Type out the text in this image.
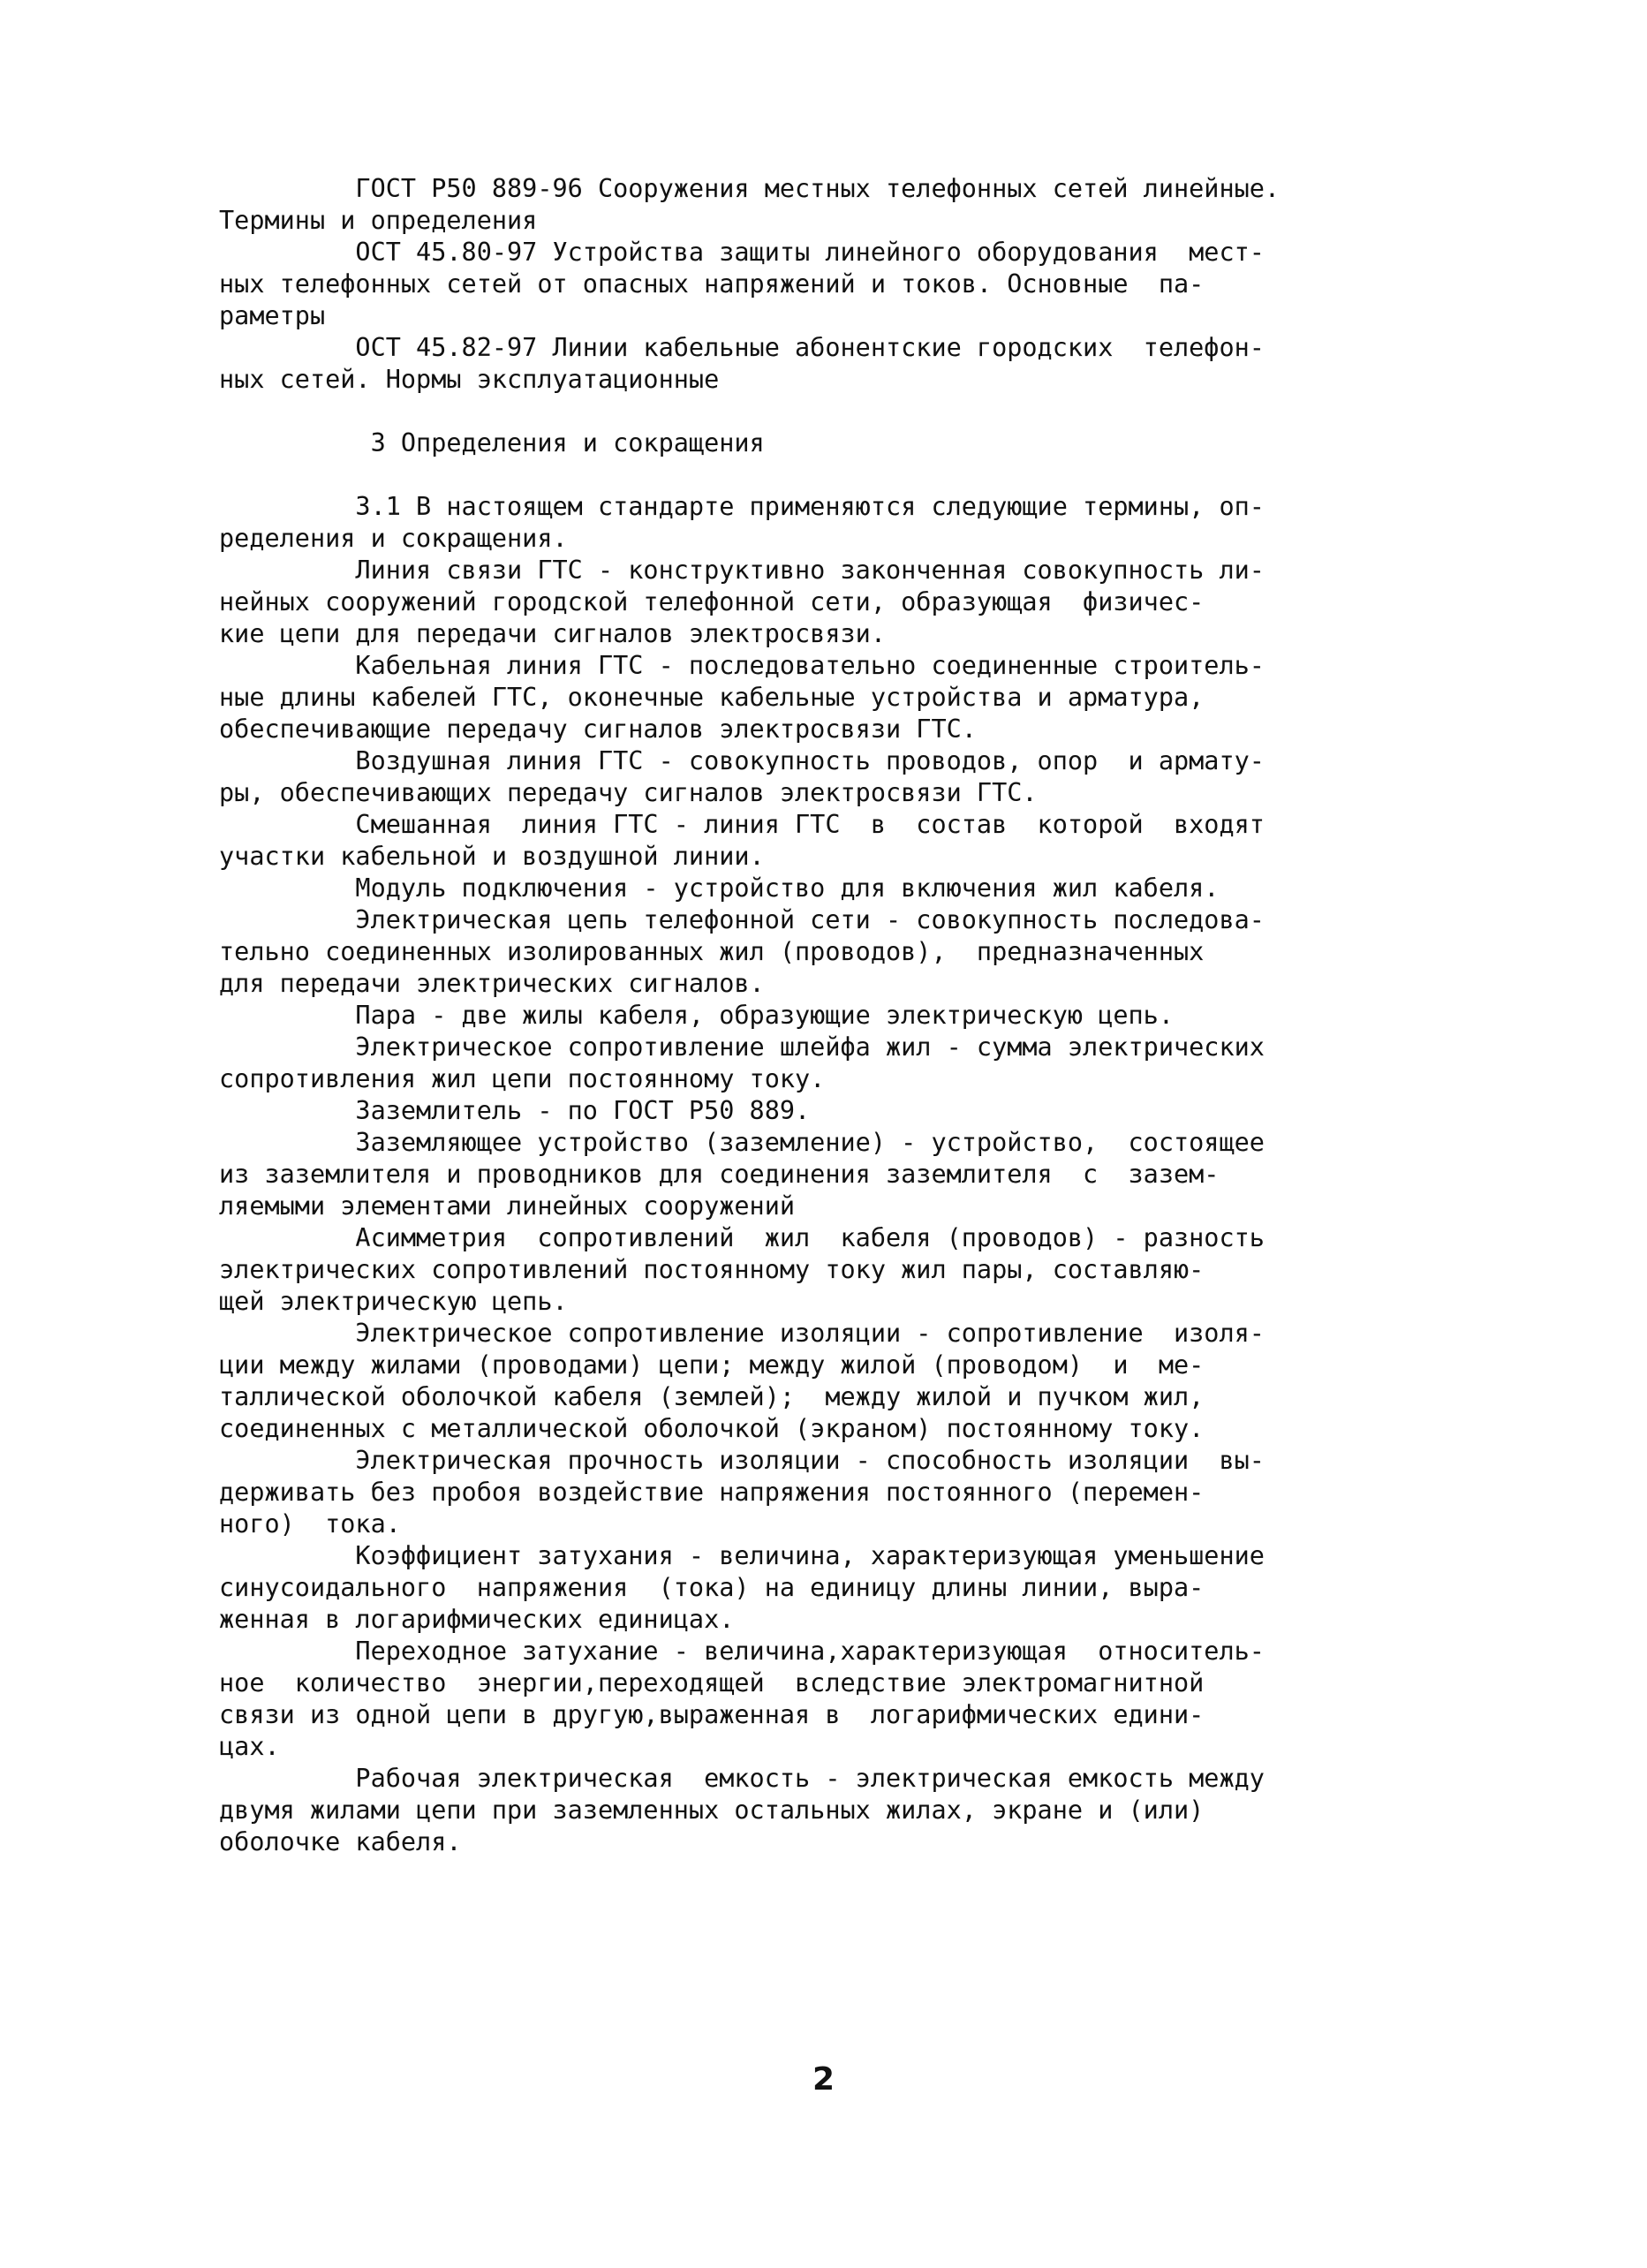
ГОСТ Р50 889-96 Сооружения местных телефонных сетей линейные.
Термины и определения
ОСТ 45.80-97 Устройства защиты линейного оборудования  мест-
ных телефонных сетей от опасных напряжений и токов. Основные  па-
раметры
ОСТ 45.82-97 Линии кабельные абонентские городских  телефон-
ных сетей. Нормы эксплуатационные
3 Определения и сокращения
3.1 В настоящем стандарте применяются следующие термины, оп-
ределения и сокращения.
Линия связи ГТС - конструктивно законченная совокупность ли-
нейных сооружений городской телефонной сети, образующая  физичес-
кие цепи для передачи сигналов электросвязи.
Кабельная линия ГТС - последовательно соединенные строитель-
ные длины кабелей ГТС, оконечные кабельные устройства и арматура,
обеспечивающие передачу сигналов электросвязи ГТС.
Воздушная линия ГТС - совокупность проводов, опор  и армату-
ры, обеспечивающих передачу сигналов электросвязи ГТС.
Смешанная  линия ГТС - линия ГТС  в  состав  которой  входят
участки кабельной и воздушной линии.
Модуль подключения - устройство для включения жил кабеля.
Электрическая цепь телефонной сети - совокупность последова-
тельно соединенных изолированных жил (проводов),  предназначенных
для передачи электрических сигналов.
Пара - две жилы кабеля, образующие электрическую цепь.
Электрическое сопротивление шлейфа жил - сумма электрических
сопротивления жил цепи постоянному току.
Заземлитель - по ГОСТ Р50 889.
Заземляющее устройство (заземление) - устройство,  состоящее
из заземлителя и проводников для соединения заземлителя  с  зазем-
ляемыми элементами линейных сооружений
Асимметрия  сопротивлений  жил  кабеля (проводов) - разность
электрических сопротивлений постоянному току жил пары, составляю-
щей электрическую цепь.
Электрическое сопротивление изоляции - сопротивление  изоля-
ции между жилами (проводами) цепи; между жилой (проводом)  и  ме-
таллической оболочкой кабеля (землей);  между жилой и пучком жил,
соединенных с металлической оболочкой (экраном) постоянному току.
Электрическая прочность изоляции - способность изоляции  вы-
держивать без пробоя воздействие напряжения постоянного (перемен-
ного)  тока.
Коэффициент затухания - величина, характеризующая уменьшение
синусоидального  напряжения  (тока) на единицу длины линии, выра-
женная в логарифмических единицах.
Переходное затухание - величина,характеризующая  относитель-
ное  количество  энергии,переходящей  вследствие электромагнитной
связи из одной цепи в другую,выраженная в  логарифмических едини-
цах.
Рабочая электрическая  емкость - электрическая емкость между
двумя жилами цепи при заземленных остальных жилах, экране и (или)
оболочке кабеля.
2
